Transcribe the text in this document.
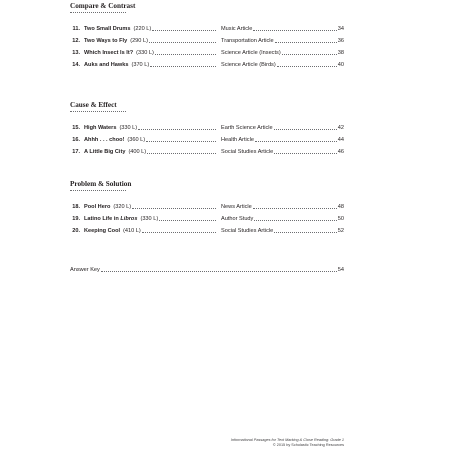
Compare & Contrast
11. Two Small Drums (220 L)	Music Article	34
12. Two Ways to Fly (290 L)	Transportation Article	36
13. Which Insect Is It? (330 L)	Science Article (Insects)	38
14. Auks and Hawks (370 L)	Science Article (Birds)	40
Cause & Effect
15. High Waters (330 L)	Earth Science Article	42
16. Ahhh . . . choo! (360 L)	Health Article	44
17. A Little Big City (400 L)	Social Studies Article	46
Problem & Solution
18. Pool Hero (320 L)	News Article	48
19. Latino Life in Libros (330 L)	Author Study	50
20. Keeping Cool (410 L)	Social Studies Article	52
Answer Key	54
Informational Passages for Text Marking & Close Reading: Grade 1
© 2015 by Scholastic Teaching Resources
